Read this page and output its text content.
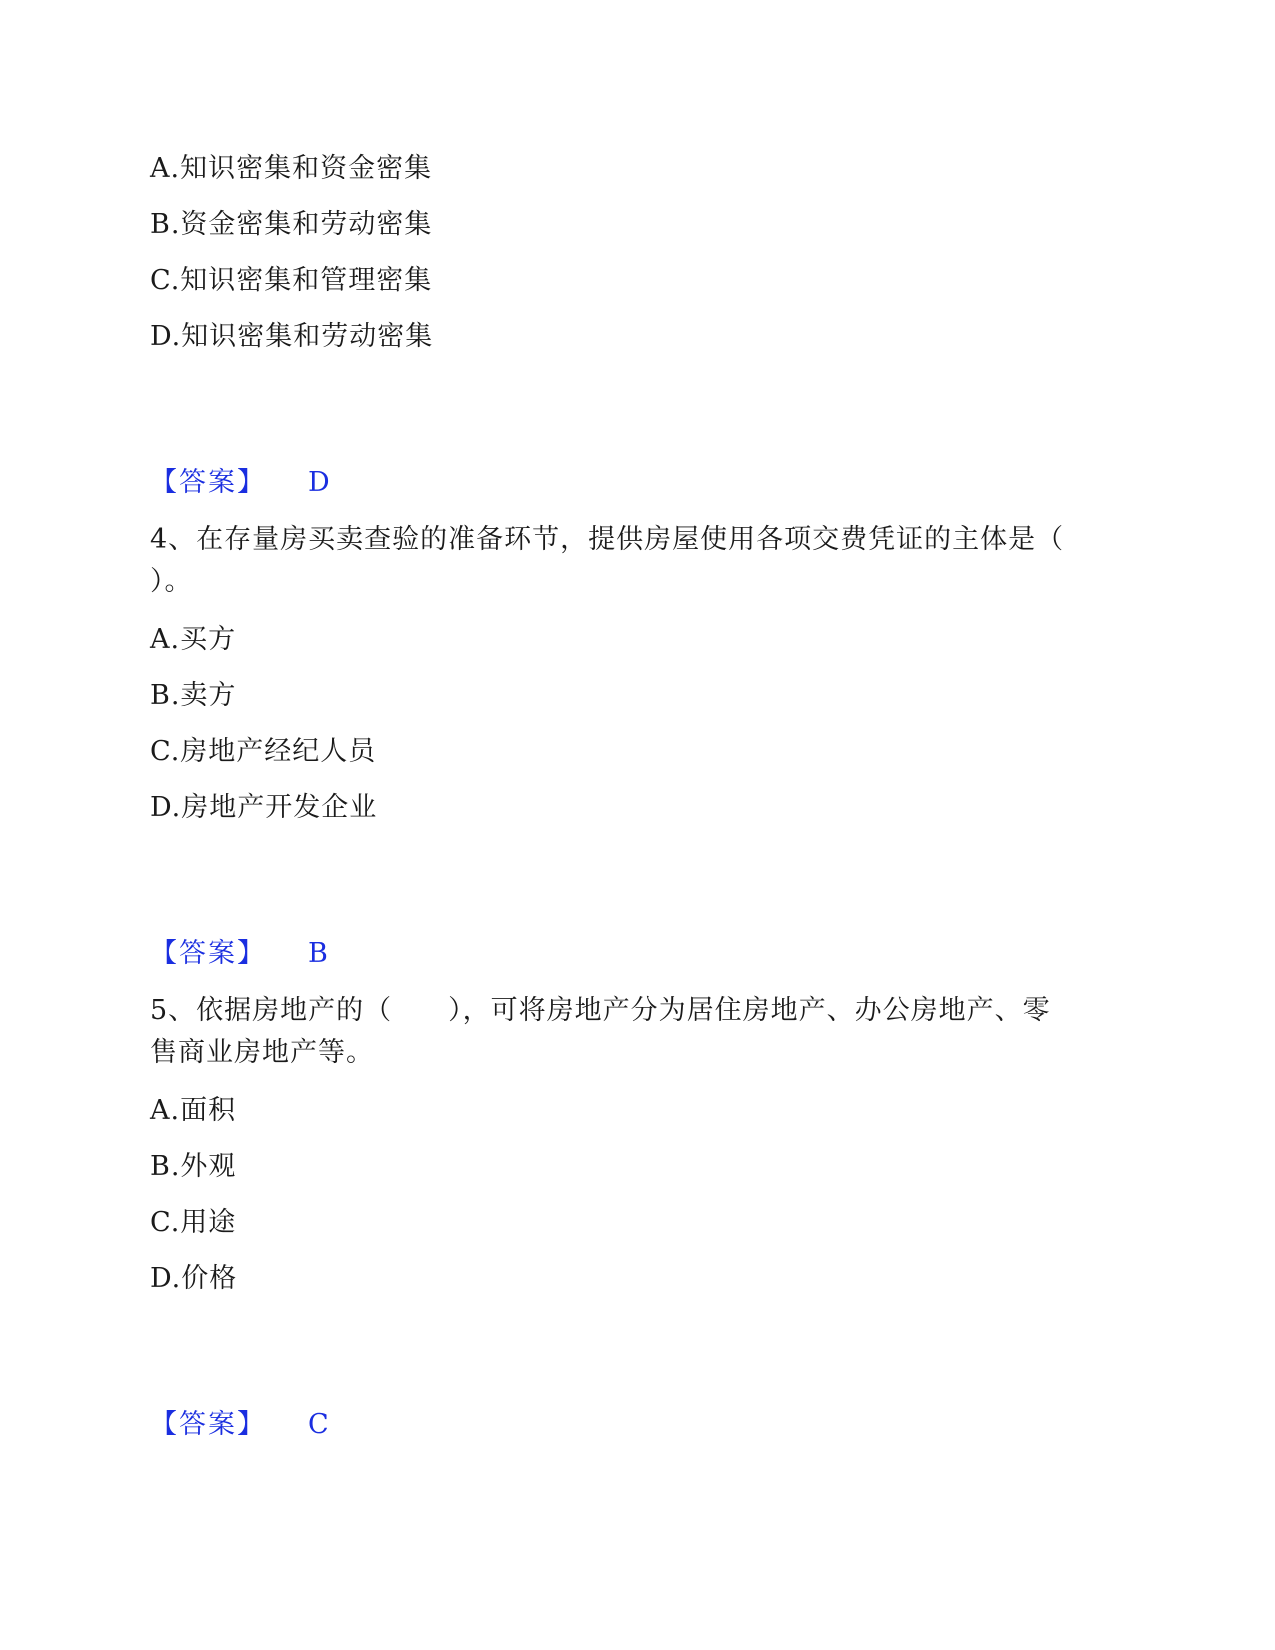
A.知识密集和资金密集
B.资金密集和劳动密集
C.知识密集和管理密集
D.知识密集和劳动密集
【答案】 D
4、在存量房买卖查验的准备环节，提供房屋使用各项交费凭证的主体是（
）。
A.买方
B.卖方
C.房地产经纪人员
D.房地产开发企业
【答案】 B
5、依据房地产的（　　），可将房地产分为居住房地产、办公房地产、零
售商业房地产等。
A.面积
B.外观
C.用途
D.价格
【答案】 C
